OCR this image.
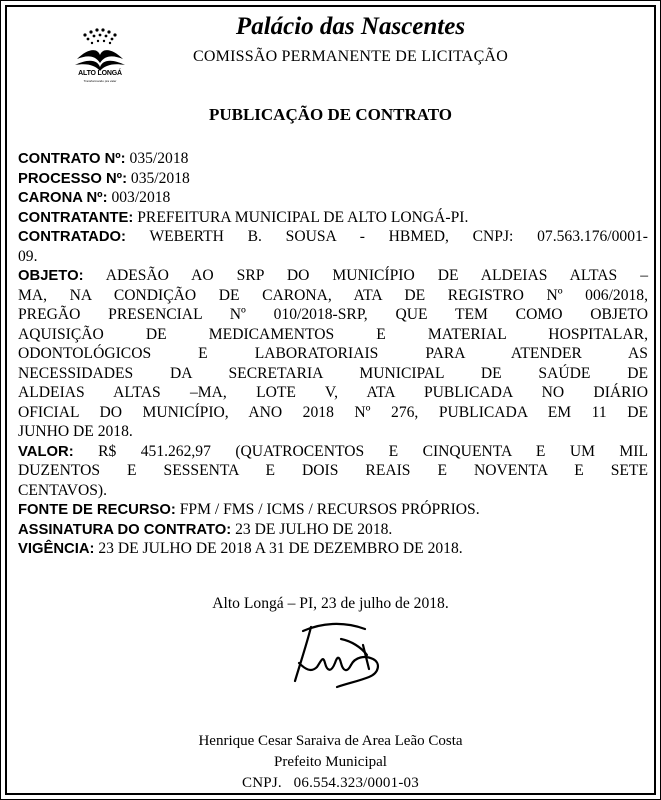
ALTO LONGÁ
Transformando pra valer
Palácio das Nascentes
COMISSÃO PERMANENTE DE LICITAÇÃO
PUBLICAÇÃO DE CONTRATO
CONTRATO Nº: 035/2018
PROCESSO Nº: 035/2018
CARONA Nº: 003/2018
CONTRATANTE: PREFEITURA MUNICIPAL DE ALTO LONGÁ-PI.
CONTRATADO: WEBERTH B. SOUSA - HBMED, CNPJ: 07.563.176/0001-
09.
OBJETO: ADESÃO AO SRP DO MUNICÍPIO DE ALDEIAS ALTAS –
MA, NA CONDIÇÃO DE CARONA, ATA DE REGISTRO Nº 006/2018,
PREGÃO PRESENCIAL Nº 010/2018-SRP, QUE TEM COMO OBJETO
AQUISIÇÃO DE MEDICAMENTOS E MATERIAL HOSPITALAR,
ODONTOLÓGICOS E LABORATORIAIS PARA ATENDER AS
NECESSIDADES DA SECRETARIA MUNICIPAL DE SAÚDE DE
ALDEIAS ALTAS –MA, LOTE V, ATA PUBLICADA NO DIÁRIO
OFICIAL DO MUNICÍPIO, ANO 2018 Nº 276, PUBLICADA EM 11 DE
JUNHO DE 2018.
VALOR: R$ 451.262,97 (QUATROCENTOS E CINQUENTA E UM MIL
DUZENTOS E SESSENTA E DOIS REAIS E NOVENTA E SETE
CENTAVOS).
FONTE DE RECURSO: FPM / FMS / ICMS / RECURSOS PRÓPRIOS.
ASSINATURA DO CONTRATO: 23 DE JULHO DE 2018.
VIGÊNCIA: 23 DE JULHO DE 2018 A 31 DE DEZEMBRO DE 2018.
Alto Longá – PI, 23 de julho de 2018.
Henrique Cesar Saraiva de Area Leão Costa
Prefeito Municipal
CNPJ.   06.554.323/0001-03
